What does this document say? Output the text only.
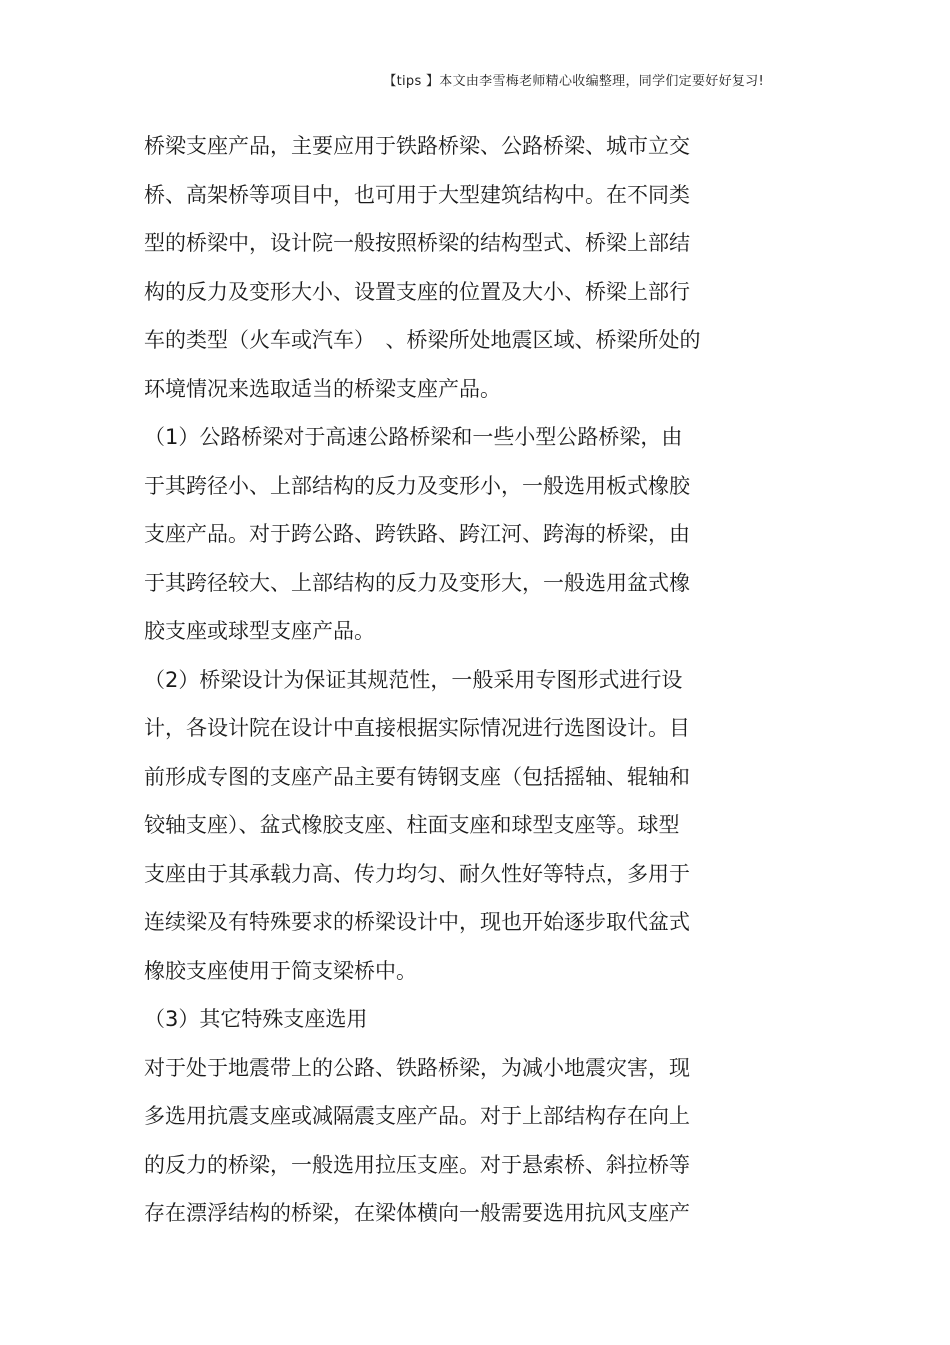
【tips 】本文由李雪梅老师精心收编整理，同学们定要好好复习!
桥梁支座产品，主要应用于铁路桥梁、公路桥梁、城市立交
桥、高架桥等项目中，也可用于大型建筑结构中。在不同类
型的桥梁中，设计院一般按照桥梁的结构型式、桥梁上部结
构的反力及变形大小、设置支座的位置及大小、桥梁上部行
车的类型（火车或汽车）　、桥梁所处地震区域、桥梁所处的
环境情况来选取适当的桥梁支座产品。
（1）公路桥梁对于高速公路桥梁和一些小型公路桥梁，由
于其跨径小、上部结构的反力及变形小，一般选用板式橡胶
支座产品。对于跨公路、跨铁路、跨江河、跨海的桥梁，由
于其跨径较大、上部结构的反力及变形大，一般选用盆式橡
胶支座或球型支座产品。
（2）桥梁设计为保证其规范性，一般采用专图形式进行设
计，各设计院在设计中直接根据实际情况进行选图设计。目
前形成专图的支座产品主要有铸钢支座（包括摇轴、辊轴和
铰轴支座）、盆式橡胶支座、柱面支座和球型支座等。球型
支座由于其承载力高、传力均匀、耐久性好等特点，多用于
连续梁及有特殊要求的桥梁设计中，现也开始逐步取代盆式
橡胶支座使用于简支梁桥中。
（3）其它特殊支座选用
对于处于地震带上的公路、铁路桥梁，为减小地震灾害，现
多选用抗震支座或减隔震支座产品。对于上部结构存在向上
的反力的桥梁，一般选用拉压支座。对于悬索桥、斜拉桥等
存在漂浮结构的桥梁，在梁体横向一般需要选用抗风支座产
